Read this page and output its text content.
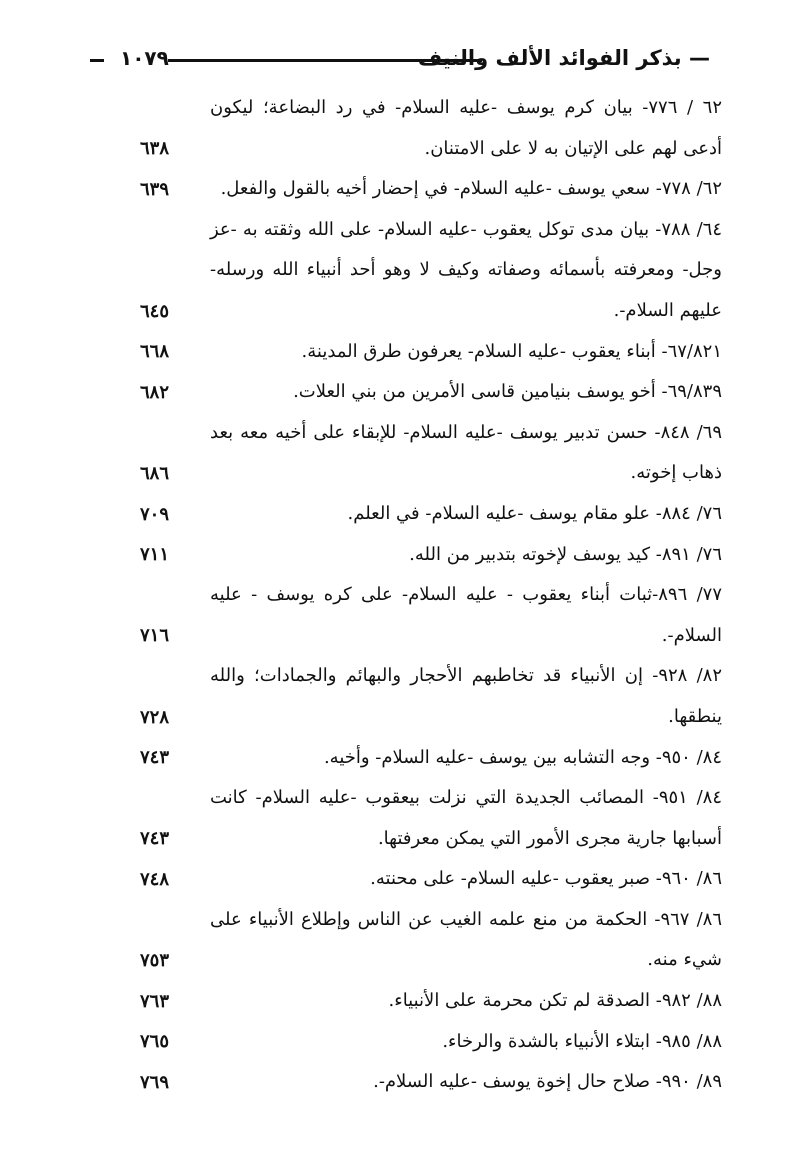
— بذكر الفوائد الألف والنيف
١٠٧٩
٦٢ / ٧٧٦- بيان كرم يوسف -عليه السلام- في رد البضاعة؛ ليكون أدعى لهم على الإتيان به لا على الامتنان.
٦٣٨
٦٢/ ٧٧٨- سعي يوسف -عليه السلام- في إحضار أخيه بالقول والفعل.
٦٣٩
٦٤/ ٧٨٨- بيان مدى توكل يعقوب -عليه السلام- على الله وثقته به -عز وجل- ومعرفته بأسمائه وصفاته وكيف لا وهو أحد أنبياء الله ورسله- عليهم السلام-.
٦٤٥
٦٧/٨٢١- أبناء يعقوب -عليه السلام- يعرفون طرق المدينة.
٦٦٨
٦٩/٨٣٩- أخو يوسف بنيامين قاسى الأمرين من بني العلات.
٦٨٢
٦٩/ ٨٤٨- حسن تدبير يوسف -عليه السلام- للإبقاء على أخيه معه بعد ذهاب إخوته.
٦٨٦
٧٦/ ٨٨٤- علو مقام يوسف -عليه السلام- في العلم.
٧٠٩
٧٦/ ٨٩١- كيد يوسف لإخوته بتدبير من الله.
٧١١
٧٧/ ٨٩٦-ثبات أبناء يعقوب - عليه السلام- على كره يوسف - عليه السلام-.
٧١٦
٨٢/ ٩٢٨- إن الأنبياء قد تخاطبهم الأحجار والبهائم والجمادات؛ والله ينطقها.
٧٢٨
٨٤/ ٩٥٠- وجه التشابه بين يوسف -عليه السلام- وأخيه.
٧٤٣
٨٤/ ٩٥١- المصائب الجديدة التي نزلت بيعقوب -عليه السلام- كانت أسبابها جارية مجرى الأمور التي يمكن معرفتها.
٧٤٣
٨٦/ ٩٦٠- صبر يعقوب -عليه السلام- على محنته.
٧٤٨
٨٦/ ٩٦٧- الحكمة من منع علمه الغيب عن الناس وإطلاع الأنبياء على شيء منه.
٧٥٣
٨٨/ ٩٨٢- الصدقة لم تكن محرمة على الأنبياء.
٧٦٣
٨٨/ ٩٨٥- ابتلاء الأنبياء بالشدة والرخاء.
٧٦٥
٨٩/ ٩٩٠- صلاح حال إخوة يوسف -عليه السلام-.
٧٦٩
